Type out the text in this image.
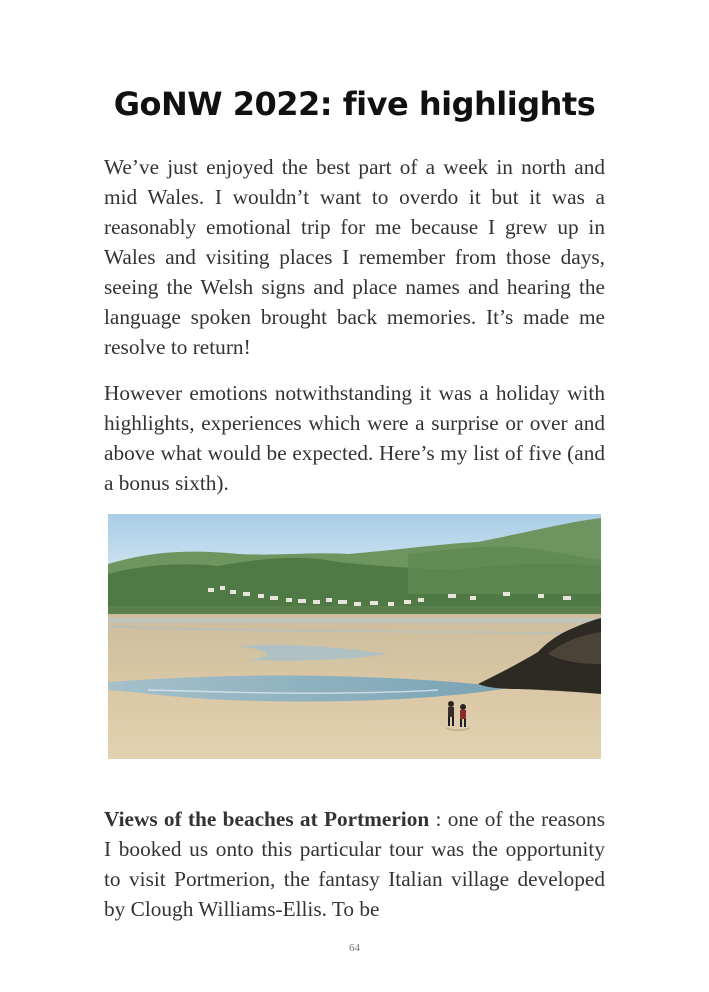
GoNW 2022: five highlights

We’ve just enjoyed the best part of a week in north and mid Wales. I wouldn’t want to overdo it but it was a reasonably emotional trip for me because I grew up in Wales and visiting places I remember from those days, seeing the Welsh signs and place names and hearing the language spoken brought back memories. It’s made me resolve to return!

However emotions notwithstanding it was a holiday with highlights, experiences which were a surprise or over and above what would be expected. Here’s my list of five (and a bonus sixth).

Views of the beaches at Portmerion : one of the reasons I booked us onto this particular tour was the opportunity to visit Portmerion, the fantasy Italian village developed by Clough Williams-Ellis. To be

64
